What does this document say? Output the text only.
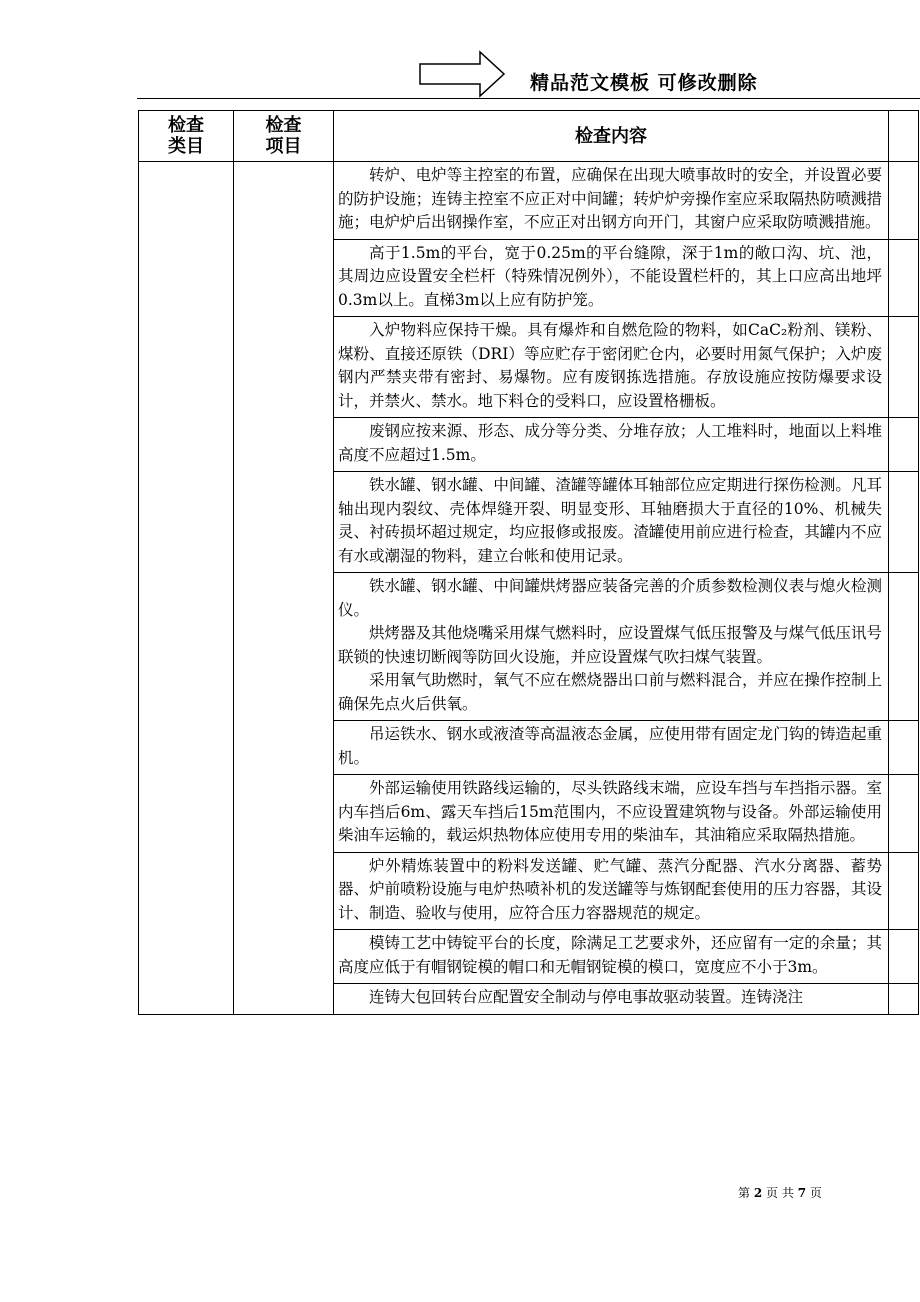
精品范文模板 可修改删除
检查类目	检查项目	检查内容	

		转炉、电炉等主控室的布置，应确保在出现大喷事故时的安全，并设置必要的防护设施；连铸主控室不应正对中间罐；转炉炉旁操作室应采取隔热防喷溅措施；电炉炉后出钢操作室，不应正对出钢方向开门，其窗户应采取防喷溅措施。	

		高于1.5m的平台，宽于0.25m的平台缝隙，深于1m的敞口沟、坑、池，其周边应设置安全栏杆（特殊情况例外），不能设置栏杆的，其上口应高出地坪0.3m以上。直梯3m以上应有防护笼。	

		入炉物料应保持干燥。具有爆炸和自燃危险的物料，如CaC₂粉剂、镁粉、煤粉、直接还原铁（DRI）等应贮存于密闭贮仓内，必要时用氮气保护；入炉废钢内严禁夹带有密封、易爆物。应有废钢拣选措施。存放设施应按防爆要求设计，并禁火、禁水。地下料仓的受料口，应设置格栅板。	

		废钢应按来源、形态、成分等分类、分堆存放；人工堆料时，地面以上料堆高度不应超过1.5m。	

		铁水罐、钢水罐、中间罐、渣罐等罐体耳轴部位应定期进行探伤检测。凡耳轴出现内裂纹、壳体焊缝开裂、明显变形、耳轴磨损大于直径的10%、机械失灵、衬砖损坏超过规定，均应报修或报废。渣罐使用前应进行检查，其罐内不应有水或潮湿的物料，建立台帐和使用记录。	

		铁水罐、钢水罐、中间罐烘烤器应装备完善的介质参数检测仪表与熄火检测仪。

烘烤器及其他烧嘴采用煤气燃料时，应设置煤气低压报警及与煤气低压讯号联锁的快速切断阀等防回火设施，并应设置煤气吹扫煤气装置。

采用氧气助燃时，氧气不应在燃烧器出口前与燃料混合，并应在操作控制上确保先点火后供氧。	

		吊运铁水、钢水或液渣等高温液态金属，应使用带有固定龙门钩的铸造起重机。	

		外部运输使用铁路线运输的，尽头铁路线末端，应设车挡与车挡指示器。室内车挡后6m、露天车挡后15m范围内，不应设置建筑物与设备。外部运输使用柴油车运输的，载运炽热物体应使用专用的柴油车，其油箱应采取隔热措施。	

		炉外精炼装置中的粉料发送罐、贮气罐、蒸汽分配器、汽水分离器、蓄势器、炉前喷粉设施与电炉热喷补机的发送罐等与炼钢配套使用的压力容器，其设计、制造、验收与使用，应符合压力容器规范的规定。	

		模铸工艺中铸锭平台的长度，除满足工艺要求外，还应留有一定的余量；其高度应低于有帽钢锭模的帽口和无帽钢锭模的模口，宽度应不小于3m。	

		连铸大包回转台应配置安全制动与停电事故驱动装置。连铸浇注	

第 2 页 共 7 页
